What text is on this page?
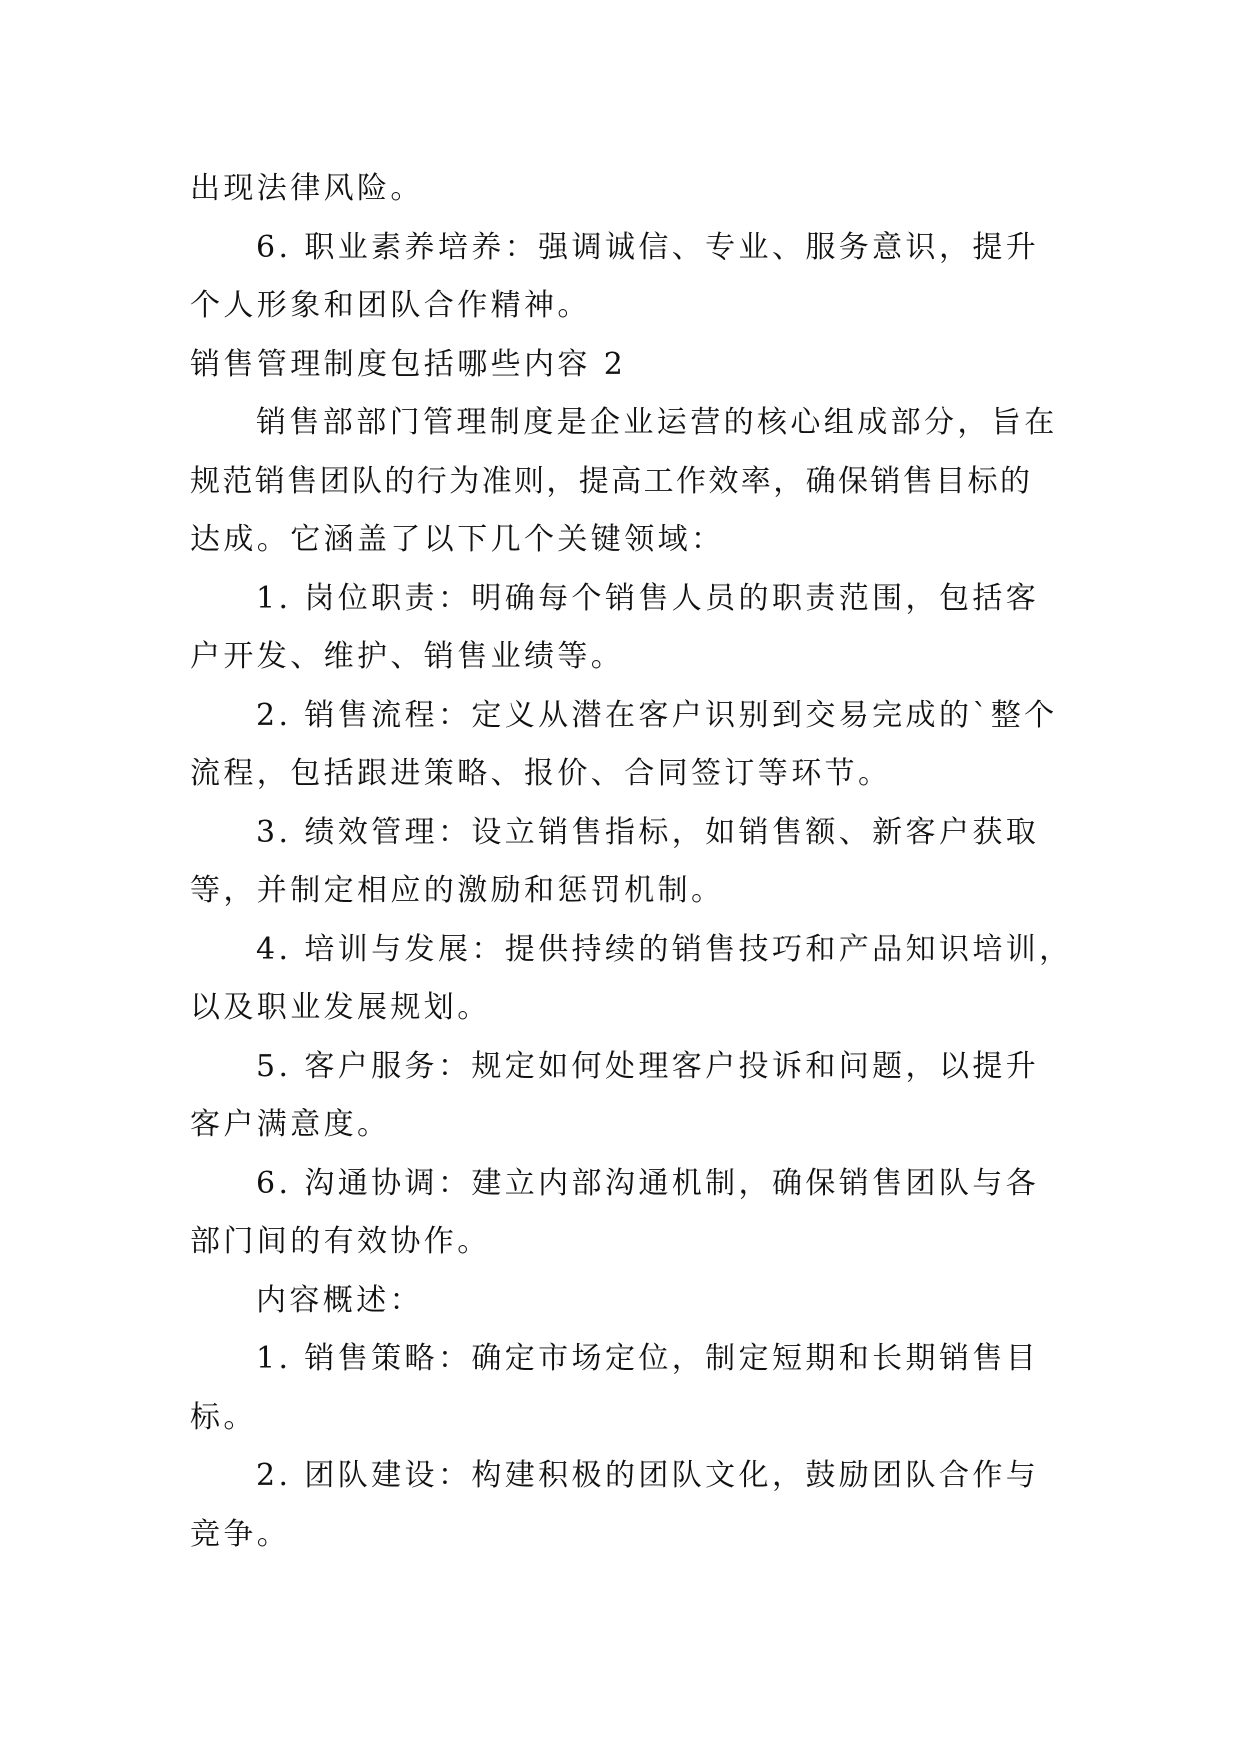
出现法律风险。

6. 职业素养培养：强调诚信、专业、服务意识，提升

个人形象和团队合作精神。

销售管理制度包括哪些内容 2

销售部部门管理制度是企业运营的核心组成部分，旨在

规范销售团队的行为准则，提高工作效率，确保销售目标的

达成。它涵盖了以下几个关键领域：

1. 岗位职责：明确每个销售人员的职责范围，包括客

户开发、维护、销售业绩等。

2. 销售流程：定义从潜在客户识别到交易完成的`整个

流程，包括跟进策略、报价、合同签订等环节。

3. 绩效管理：设立销售指标，如销售额、新客户获取

等，并制定相应的激励和惩罚机制。

4. 培训与发展：提供持续的销售技巧和产品知识培训，

以及职业发展规划。

5. 客户服务：规定如何处理客户投诉和问题，以提升

客户满意度。

6. 沟通协调：建立内部沟通机制，确保销售团队与各

部门间的有效协作。

内容概述：

1. 销售策略：确定市场定位，制定短期和长期销售目

标。

2. 团队建设：构建积极的团队文化，鼓励团队合作与

竞争。
